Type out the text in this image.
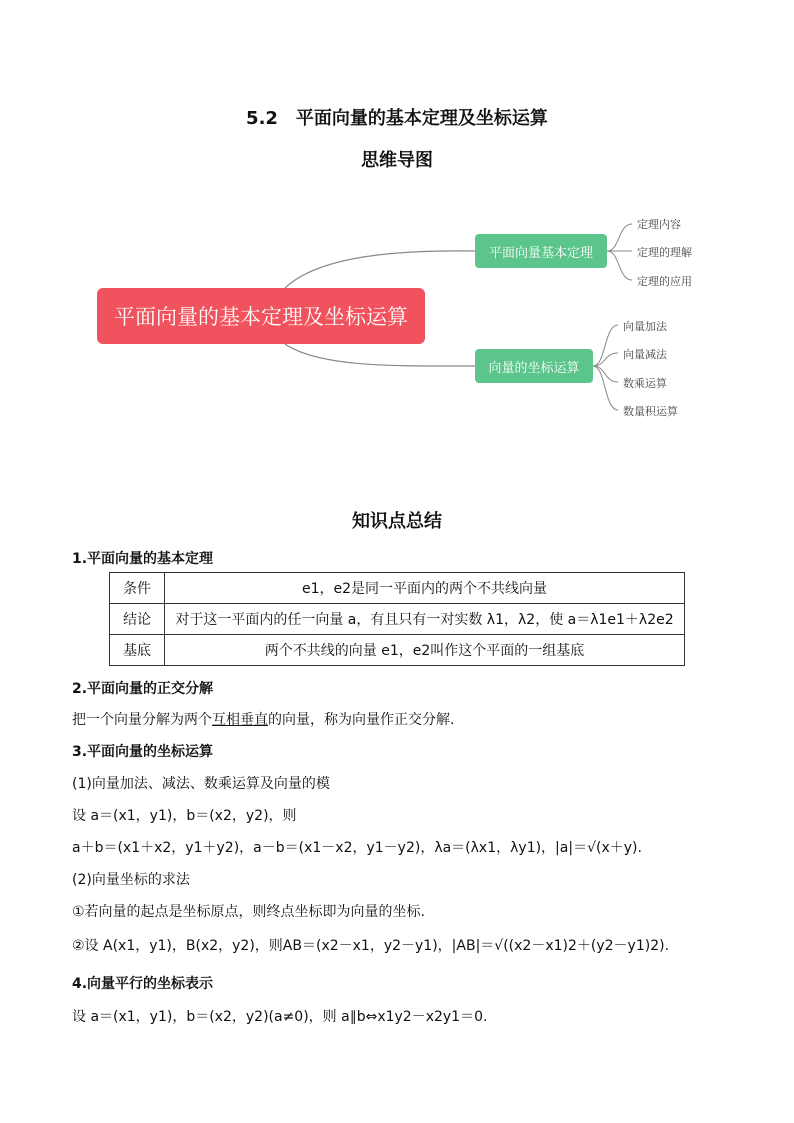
5.2　平面向量的基本定理及坐标运算
思维导图
平面向量的基本定理及坐标运算
平面向量基本定理
向量的坐标运算
定理内容
定理的理解
定理的应用
向量加法
向量减法
数乘运算
数量积运算
知识点总结
1.平面向量的基本定理
条件	e1，e2是同一平面内的两个不共线向量
结论	对于这一平面内的任一向量 a，有且只有一对实数 λ1，λ2，使 a＝λ1e1＋λ2e2
基底	两个不共线的向量 e1，e2叫作这个平面的一组基底
2.平面向量的正交分解
把一个向量分解为两个互相垂直的向量，称为向量作正交分解.
3.平面向量的坐标运算
(1)向量加法、减法、数乘运算及向量的模
设 a＝(x1，y1)，b＝(x2，y2)，则
a＋b＝(x1＋x2，y1＋y2)，a－b＝(x1－x2，y1－y2)，λa＝(λx1，λy1)，|a|＝√(x＋y).
(2)向量坐标的求法
①若向量的起点是坐标原点，则终点坐标即为向量的坐标.
②设 A(x1，y1)，B(x2，y2)，则AB＝(x2－x1，y2－y1)，|AB|＝√((x2－x1)2＋(y2－y1)2).
4.向量平行的坐标表示
设 a＝(x1，y1)，b＝(x2，y2)(a≠0)，则 a∥b⇔x1y2－x2y1＝0.
